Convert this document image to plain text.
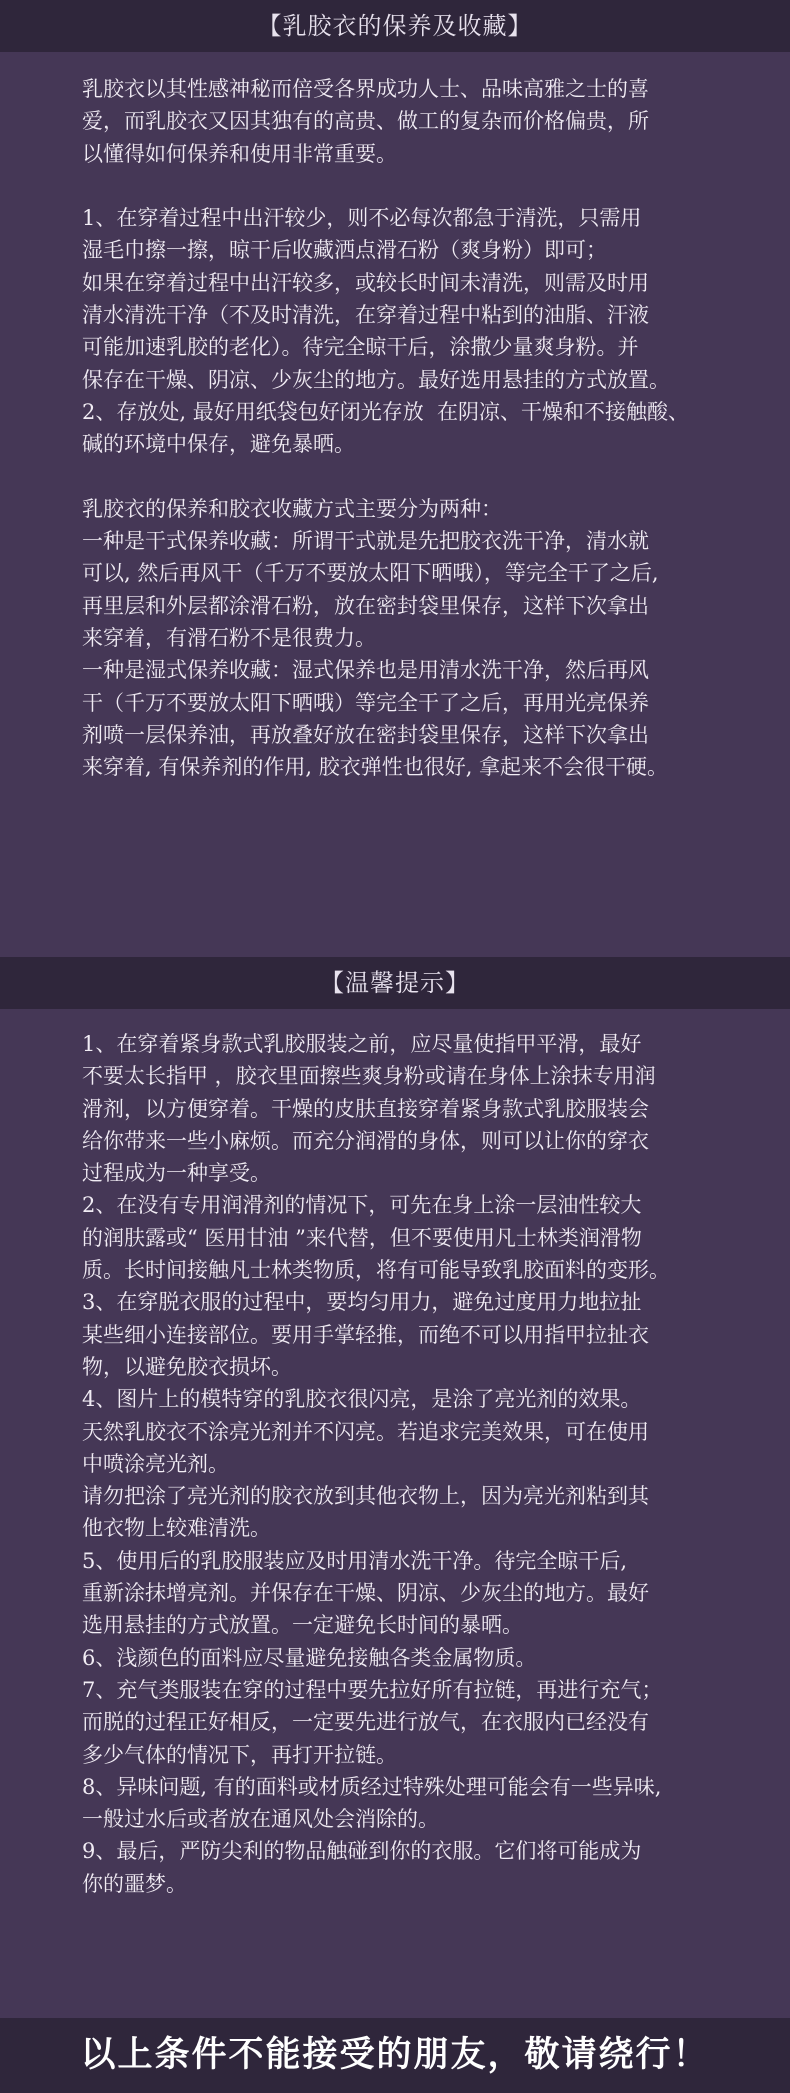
【乳胶衣的保养及收藏】

乳胶衣以其性感神秘而倍受各界成功人士、品味高雅之士的喜

爱，而乳胶衣又因其独有的高贵、做工的复杂而价格偏贵，所

以懂得如何保养和使用非常重要。

1、在穿着过程中出汗较少，则不必每次都急于清洗，只需用

湿毛巾擦一擦，晾干后收藏洒点滑石粉（爽身粉）即可；

如果在穿着过程中出汗较多，或较长时间未清洗，则需及时用

清水清洗干净（不及时清洗，在穿着过程中粘到的油脂、汗液

可能加速乳胶的老化）。待完全晾干后，涂撒少量爽身粉。并

保存在干燥、阴凉、少灰尘的地方。最好选用悬挂的方式放置。

2、存放处, 最好用纸袋包好闭光存放  在阴凉、干燥和不接触酸、

碱的环境中保存，避免暴晒。

乳胶衣的保养和胶衣收藏方式主要分为两种：

一种是干式保养收藏：所谓干式就是先把胶衣洗干净，清水就

可以, 然后再风干（千万不要放太阳下晒哦），等完全干了之后,

再里层和外层都涂滑石粉，放在密封袋里保存，这样下次拿出

来穿着，有滑石粉不是很费力。

一种是湿式保养收藏：湿式保养也是用清水洗干净，然后再风

干（千万不要放太阳下晒哦）等完全干了之后，再用光亮保养

剂喷一层保养油，再放叠好放在密封袋里保存，这样下次拿出

来穿着, 有保养剂的作用, 胶衣弹性也很好, 拿起来不会很干硬。

【温馨提示】

1、在穿着紧身款式乳胶服装之前，应尽量使指甲平滑，最好

不要太长指甲 ，胶衣里面擦些爽身粉或请在身体上涂抹专用润

滑剂，以方便穿着。干燥的皮肤直接穿着紧身款式乳胶服装会

给你带来一些小麻烦。而充分润滑的身体，则可以让你的穿衣

过程成为一种享受。

2、在没有专用润滑剂的情况下，可先在身上涂一层油性较大

的润肤露或“ 医用甘油 ”来代替，但不要使用凡士林类润滑物

质。长时间接触凡士林类物质，将有可能导致乳胶面料的变形。

3、在穿脱衣服的过程中，要均匀用力，避免过度用力地拉扯

某些细小连接部位。要用手掌轻推，而绝不可以用指甲拉扯衣

物，以避免胶衣损坏。

4、图片上的模特穿的乳胶衣很闪亮，是涂了亮光剂的效果。

天然乳胶衣不涂亮光剂并不闪亮。若追求完美效果，可在使用

中喷涂亮光剂。

请勿把涂了亮光剂的胶衣放到其他衣物上，因为亮光剂粘到其

他衣物上较难清洗。

5、使用后的乳胶服装应及时用清水洗干净。待完全晾干后,

重新涂抹增亮剂。并保存在干燥、阴凉、少灰尘的地方。最好

选用悬挂的方式放置。一定避免长时间的暴晒。

6、浅颜色的面料应尽量避免接触各类金属物质。

7、充气类服装在穿的过程中要先拉好所有拉链，再进行充气；

而脱的过程正好相反，一定要先进行放气，在衣服内已经没有

多少气体的情况下，再打开拉链。

8、异味问题, 有的面料或材质经过特殊处理可能会有一些异味,

一般过水后或者放在通风处会消除的。

9、最后，严防尖利的物品触碰到你的衣服。它们将可能成为

你的噩梦。

以上条件不能接受的朋友，敬请绕行！
